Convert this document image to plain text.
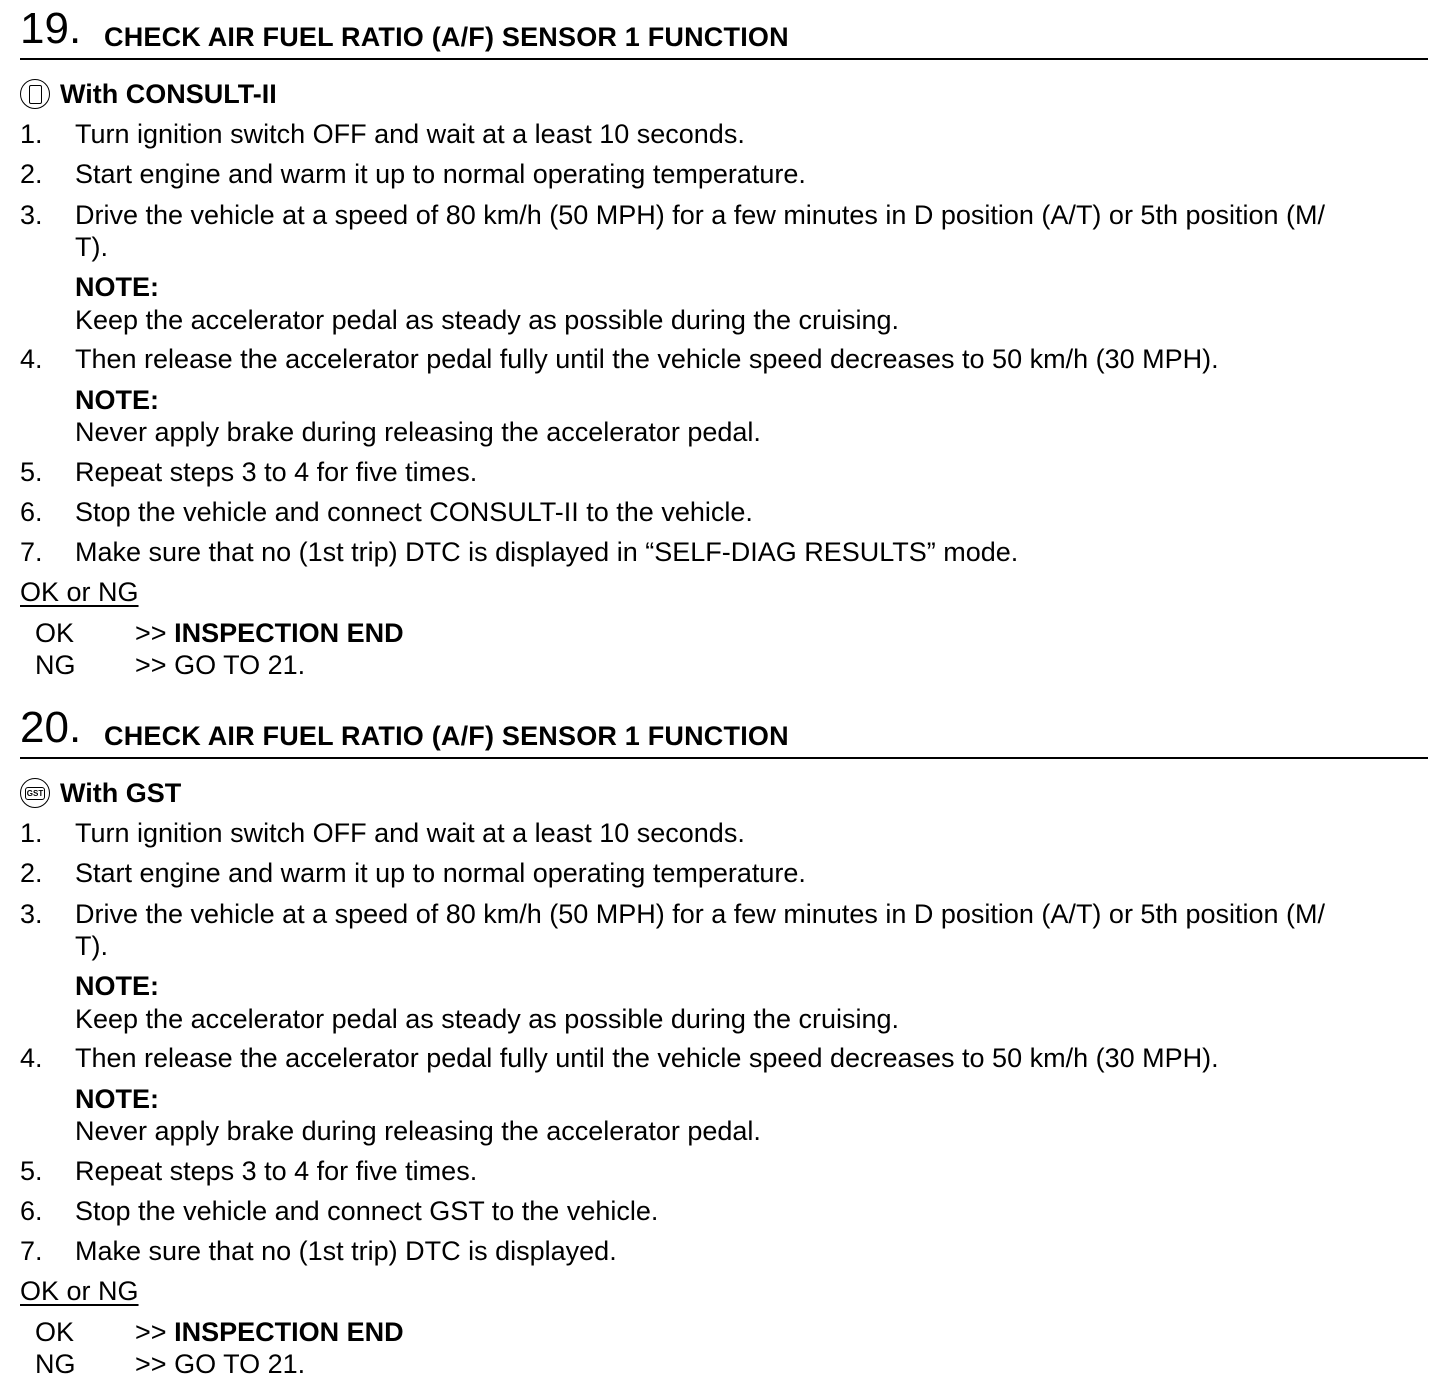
19. CHECK AIR FUEL RATIO (A/F) SENSOR 1 FUNCTION
With CONSULT-II
1. Turn ignition switch OFF and wait at a least 10 seconds.
2. Start engine and warm it up to normal operating temperature.
3. Drive the vehicle at a speed of 80 km/h (50 MPH) for a few minutes in D position (A/T) or 5th position (M/
T).
NOTE:
Keep the accelerator pedal as steady as possible during the cruising.
4. Then release the accelerator pedal fully until the vehicle speed decreases to 50 km/h (30 MPH).
NOTE:
Never apply brake during releasing the accelerator pedal.
5. Repeat steps 3 to 4 for five times.
6. Stop the vehicle and connect CONSULT-II to the vehicle.
7. Make sure that no (1st trip) DTC is displayed in “SELF-DIAG RESULTS” mode.
OK or NG
OK >> INSPECTION END
NG >> GO TO 21.
20. CHECK AIR FUEL RATIO (A/F) SENSOR 1 FUNCTION
GST With GST
1. Turn ignition switch OFF and wait at a least 10 seconds.
2. Start engine and warm it up to normal operating temperature.
3. Drive the vehicle at a speed of 80 km/h (50 MPH) for a few minutes in D position (A/T) or 5th position (M/
T).
NOTE:
Keep the accelerator pedal as steady as possible during the cruising.
4. Then release the accelerator pedal fully until the vehicle speed decreases to 50 km/h (30 MPH).
NOTE:
Never apply brake during releasing the accelerator pedal.
5. Repeat steps 3 to 4 for five times.
6. Stop the vehicle and connect GST to the vehicle.
7. Make sure that no (1st trip) DTC is displayed.
OK or NG
OK >> INSPECTION END
NG >> GO TO 21.
